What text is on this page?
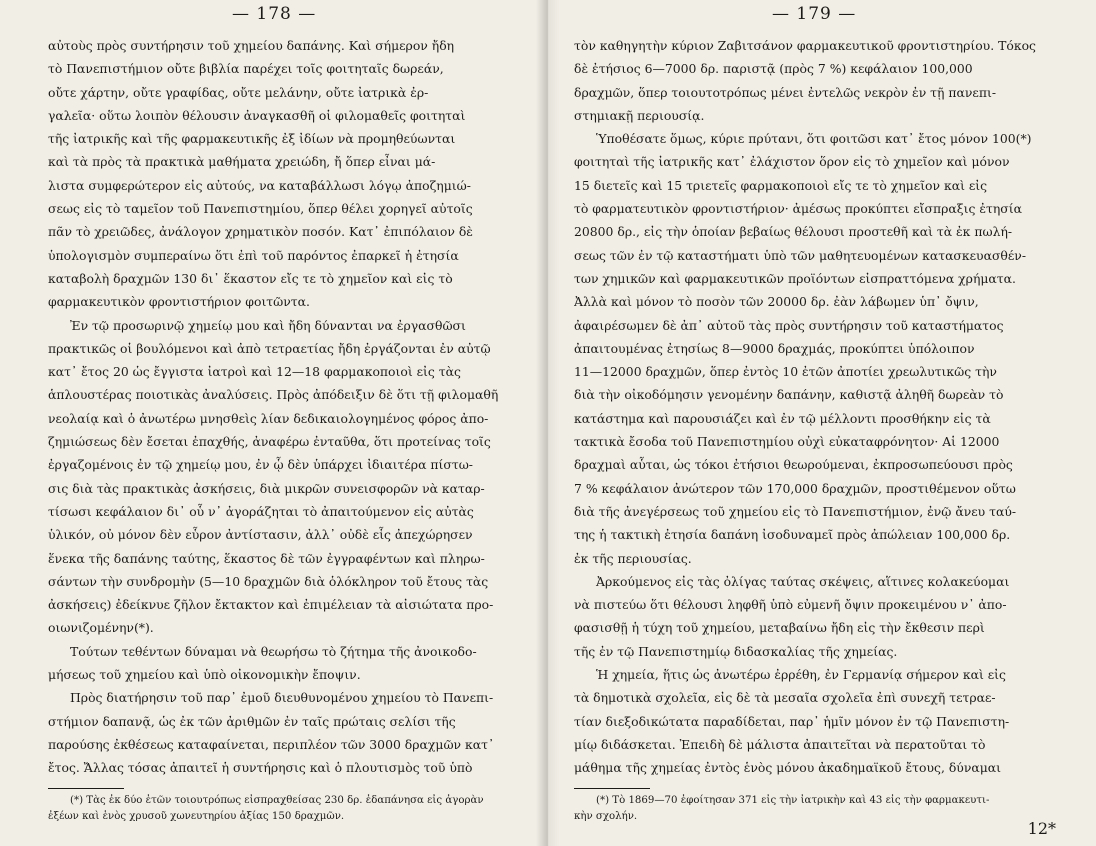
— 178 —
αὐτοὺς πρὸς συντήρησιν τοῦ χημείου δαπάνης. Καὶ σήμερον ἤδη
τὸ Πανεπιστήμιον οὔτε βιβλία παρέχει τοῖς φοιτηταῖς δωρεάν,
οὔτε χάρτην, οὔτε γραφίδας, οὔτε μελάνην, οὔτε ἰατρικὰ ἐρ-
γαλεῖα· οὕτω λοιπὸν θέλουσιν ἀναγκασθῆ οἱ φιλομαθεῖς φοιτηταὶ
τῆς ἰατρικῆς καὶ τῆς φαρμακευτικῆς ἐξ ἰδίων νὰ προμηθεύωνται
καὶ τὰ πρὸς τὰ πρακτικὰ μαθήματα χρειώδη, ἤ ὅπερ εἶναι μά-
λιστα συμφερώτερον εἰς αὐτούς, να καταβάλλωσι λόγῳ ἀποζημιώ-
σεως εἰς τὸ ταμεῖον τοῦ Πανεπιστημίου, ὅπερ θέλει χορηγεῖ αὐτοῖς
πᾶν τὸ χρειῶδες, ἀνάλογον χρηματικὸν ποσόν. Κατ᾽ ἐπιπόλαιον δὲ
ὑπολογισμὸν συμπεραίνω ὅτι ἐπὶ τοῦ παρόντος ἐπαρκεῖ ἡ ἐτησία
καταβολὴ δραχμῶν 130 δι᾽ ἕκαστον εἴς τε τὸ χημεῖον καὶ εἰς τὸ
φαρμακευτικὸν φροντιστήριον φοιτῶντα.
Ἐν τῷ προσωρινῷ χημείῳ μου καὶ ἤδη δύνανται να ἐργασθῶσι
πρακτικῶς οἱ βουλόμενοι καὶ ἀπὸ τετραετίας ἤδη ἐργάζονται ἐν αὐτῷ
κατ᾽ ἔτος 20 ὡς ἔγγιστα ἰατροὶ καὶ 12—18 φαρμακοποιοὶ εἰς τὰς
ἁπλουστέρας ποιοτικὰς ἀναλύσεις. Πρὸς ἀπόδειξιν δὲ ὅτι τῇ φιλομαθῆ
νεολαίᾳ καὶ ὁ ἀνωτέρω μνησθεὶς λίαν δεδικαιολογημένος φόρος ἀπο-
ζημιώσεως δὲν ἔσεται ἐπαχθής, ἀναφέρω ἐνταῦθα, ὅτι προτείνας τοῖς
ἐργαζομένοις ἐν τῷ χημείῳ μου, ἐν ᾧ δὲν ὑπάρχει ἰδιαιτέρα πίστω-
σις διὰ τὰς πρακτικὰς ἀσκήσεις, διὰ μικρῶν συνεισφορῶν νὰ καταρ-
τίσωσι κεφάλαιον δι᾽ οὗ ν᾽ ἀγοράζηται τὸ ἀπαιτούμενον εἰς αὐτὰς
ὑλικόν, οὐ μόνον δὲν εὗρον ἀντίστασιν, ἀλλ᾽ οὐδὲ εἷς ἀπεχώρησεν
ἕνεκα τῆς δαπάνης ταύτης, ἕκαστος δὲ τῶν ἐγγραφέντων καὶ πληρω-
σάντων τὴν συνδρομὴν (5—10 δραχμῶν διὰ ὁλόκληρον τοῦ ἔτους τὰς
ἀσκήσεις) ἐδείκνυε ζῆλον ἔκτακτον καὶ ἐπιμέλειαν τὰ αἰσιώτατα προ-
οιωνιζομένην(*).
Τούτων τεθέντων δύναμαι νὰ θεωρήσω τὸ ζήτημα τῆς ἀνοικοδο-
μήσεως τοῦ χημείου καὶ ὑπὸ οἰκονομικὴν ἔποψιν.
Πρὸς διατήρησιν τοῦ παρ᾽ ἐμοῦ διευθυνομένου χημείου τὸ Πανεπι-
στήμιον δαπανᾷ, ὡς ἐκ τῶν ἀριθμῶν ἐν ταῖς πρώταις σελίσι τῆς
παρούσης ἐκθέσεως καταφαίνεται, περιπλέον τῶν 3000 δραχμῶν κατ᾽
ἔτος. Ἄλλας τόσας ἀπαιτεῖ ἡ συντήρησις καὶ ὁ πλουτισμὸς τοῦ ὑπὸ
(*) Τὰς ἐκ δύο ἐτῶν τοιουτρόπως εἰσπραχθείσας 230 δρ. ἐδαπάνησα εἰς ἀγορὰν
ἐξέων καὶ ἑνὸς χρυσοῦ χωνευτηρίου ἀξίας 150 δραχμῶν.
— 179 —
τὸν καθηγητὴν κύριον Ζαβιτσάνον φαρμακευτικοῦ φροντιστηρίου. Τόκος
δὲ ἐτήσιος 6—7000 δρ. παριστᾷ (πρὸς 7 %) κεφάλαιον 100,000
δραχμῶν, ὅπερ τοιουτοτρόπως μένει ἐντελῶς νεκρὸν ἐν τῇ πανεπι-
στημιακῇ περιουσίᾳ.
Ὑποθέσατε ὅμως, κύριε πρύτανι, ὅτι φοιτῶσι κατ᾽ ἔτος μόνον 100(*)
φοιτηταὶ τῆς ἰατρικῆς κατ᾽ ἐλάχιστον ὅρον εἰς τὸ χημεῖον καὶ μόνον
15 διετεῖς καὶ 15 τριετεῖς φαρμακοποιοὶ εἴς τε τὸ χημεῖον καὶ εἰς
τὸ φαρματευτικὸν φροντιστήριον· ἀμέσως προκύπτει εἴσπραξις ἐτησία
20800 δρ., εἰς τὴν ὁποίαν βεβαίως θέλουσι προστεθῆ καὶ τὰ ἐκ πωλή-
σεως τῶν ἐν τῷ καταστήματι ὑπὸ τῶν μαθητευομένων κατασκευασθέν-
των χημικῶν καὶ φαρμακευτικῶν προϊόντων εἰσπραττόμενα χρήματα.
Ἀλλὰ καὶ μόνον τὸ ποσὸν τῶν 20000 δρ. ἐὰν λάβωμεν ὑπ᾽ ὄψιν,
ἀφαιρέσωμεν δὲ ἀπ᾽ αὐτοῦ τὰς πρὸς συντήρησιν τοῦ καταστήματος
ἀπαιτουμένας ἐτησίως 8—9000 δραχμάς, προκύπτει ὑπόλοιπον
11—12000 δραχμῶν, ὅπερ ἐντὸς 10 ἐτῶν ἀποτίει χρεωλυτικῶς τὴν
διὰ τὴν οἰκοδόμησιν γενομένην δαπάνην, καθιστᾷ ἀληθῆ δωρεὰν τὸ
κατάστημα καὶ παρουσιάζει καὶ ἐν τῷ μέλλοντι προσθήκην εἰς τὰ
τακτικὰ ἔσοδα τοῦ Πανεπιστημίου οὐχὶ εὐκαταφρόνητον· Αἱ 12000
δραχμαὶ αὗται, ὡς τόκοι ἐτήσιοι θεωρούμεναι, ἐκπροσωπεύουσι πρὸς
7 % κεφάλαιον ἀνώτερον τῶν 170,000 δραχμῶν, προστιθέμενον οὕτω
διὰ τῆς ἀνεγέρσεως τοῦ χημείου εἰς τὸ Πανεπιστήμιον, ἐνῷ ἄνευ ταύ-
της ἡ τακτικὴ ἐτησία δαπάνη ἰσοδυναμεῖ πρὸς ἀπώλειαν 100,000 δρ.
ἐκ τῆς περιουσίας.
Ἀρκούμενος εἰς τὰς ὀλίγας ταύτας σκέψεις, αἵτινες κολακεύομαι
νὰ πιστεύω ὅτι θέλουσι ληφθῆ ὑπὸ εὐμενῆ ὄψιν προκειμένου ν᾽ ἀπο-
φασισθῇ ἡ τύχη τοῦ χημείου, μεταβαίνω ἤδη εἰς τὴν ἔκθεσιν περὶ
τῆς ἐν τῷ Πανεπιστημίῳ διδασκαλίας τῆς χημείας.
Ἡ χημεία, ἥτις ὡς ἀνωτέρω ἐρρέθη, ἐν Γερμανίᾳ σήμερον καὶ εἰς
τὰ δημοτικὰ σχολεῖα, εἰς δὲ τὰ μεσαῖα σχολεῖα ἐπὶ συνεχῆ τετραε-
τίαν διεξοδικώτατα παραδίδεται, παρ᾽ ἡμῖν μόνον ἐν τῷ Πανεπιστη-
μίῳ διδάσκεται. Ἐπειδὴ δὲ μάλιστα ἀπαιτεῖται νὰ περατοῦται τὸ
μάθημα τῆς χημείας ἐντὸς ἑνὸς μόνου ἀκαδημαϊκοῦ ἔτους, δύναμαι
(*) Τὸ 1869—70 ἐφοίτησαν 371 εἰς τὴν ἰατρικὴν καὶ 43 εἰς τὴν φαρμακευτι-
κὴν σχολήν.
12*
